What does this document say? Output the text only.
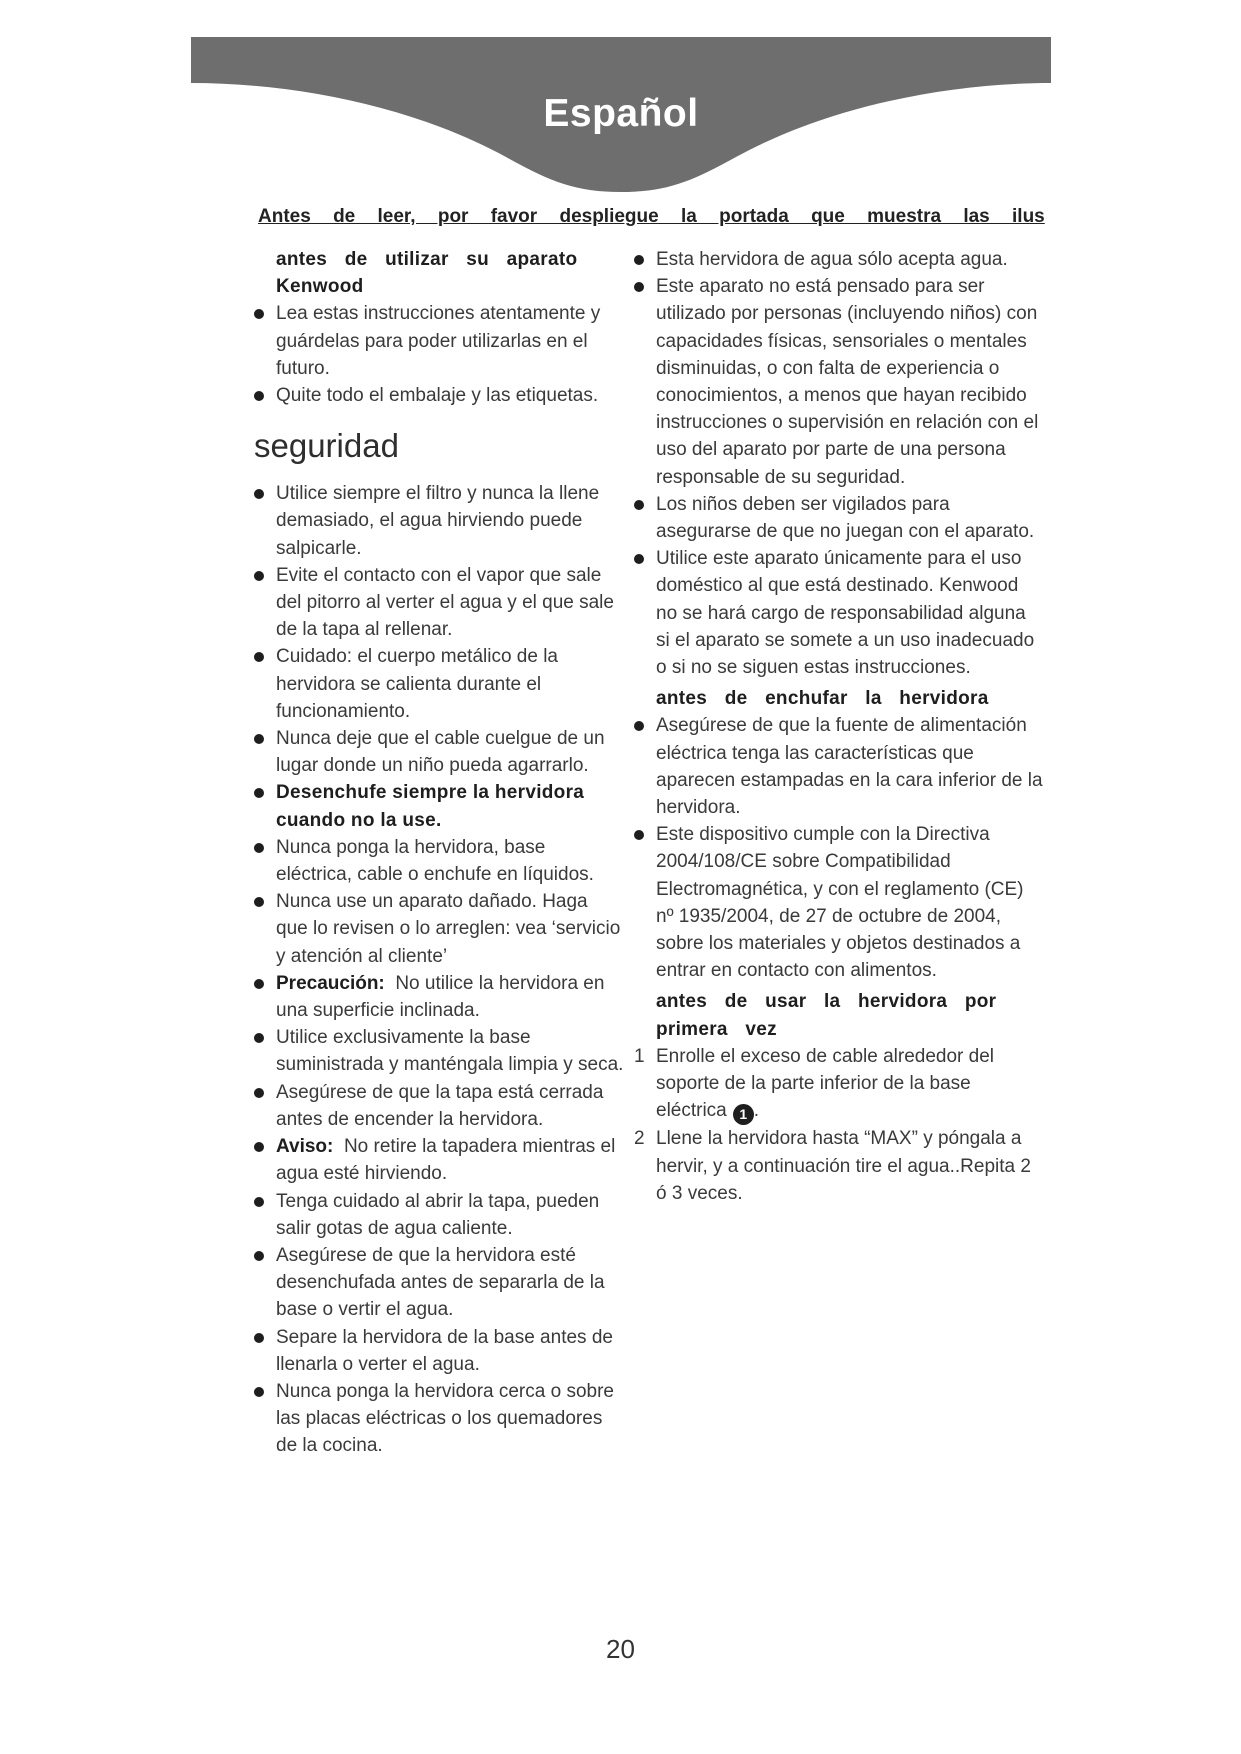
Español
Antes de leer, por favor despliegue la portada que muestra las ilus
antes de utilizar su aparato Kenwood
Lea estas instrucciones atentamente y guárdelas para poder utilizarlas en el futuro.
Quite todo el embalaje y las etiquetas.
seguridad
Utilice siempre el filtro y nunca la llene demasiado, el agua hirviendo puede salpicarle.
Evite el contacto con el vapor que sale del pitorro al verter el agua y el que sale de la tapa al rellenar.
Cuidado: el cuerpo metálico de la hervidora se calienta durante el funcionamiento.
Nunca deje que el cable cuelgue de un lugar donde un niño pueda agarrarlo.
Desenchufe siempre la hervidora cuando no la use.
Nunca ponga la hervidora, base eléctrica, cable o enchufe en líquidos.
Nunca use un aparato dañado. Haga que lo revisen o lo arreglen: vea ‘servicio y atención al cliente’
Precaución: No utilice la hervidora en una superficie inclinada.
Utilice exclusivamente la base suministrada y manténgala limpia y seca.
Asegúrese de que la tapa está cerrada antes de encender la hervidora.
Aviso: No retire la tapadera mientras el agua esté hirviendo.
Tenga cuidado al abrir la tapa, pueden salir gotas de agua caliente.
Asegúrese de que la hervidora esté desenchufada antes de separarla de la base o vertir el agua.
Separe la hervidora de la base antes de llenarla o verter el agua.
Nunca ponga la hervidora cerca o sobre las placas eléctricas o los quemadores de la cocina.
Esta hervidora de agua sólo acepta agua.
Este aparato no está pensado para ser utilizado por personas (incluyendo niños) con capacidades físicas, sensoriales o mentales disminuidas, o con falta de experiencia o conocimientos, a menos que hayan recibido instrucciones o supervisión en relación con el uso del aparato por parte de una persona responsable de su seguridad.
Los niños deben ser vigilados para asegurarse de que no juegan con el aparato.
Utilice este aparato únicamente para el uso doméstico al que está destinado. Kenwood no se hará cargo de responsabilidad alguna si el aparato se somete a un uso inadecuado o si no se siguen estas instrucciones.
antes de enchufar la hervidora
Asegúrese de que la fuente de alimentación eléctrica tenga las características que aparecen estampadas en la cara inferior de la hervidora.
Este dispositivo cumple con la Directiva 2004/108/CE sobre Compatibilidad Electromagnética, y con el reglamento (CE) nº 1935/2004, de 27 de octubre de 2004, sobre los materiales y objetos destinados a entrar en contacto con alimentos.
antes de usar la hervidora por primera vez
1 Enrolle el exceso de cable alrededor del soporte de la parte inferior de la base eléctrica 1 .
2 Llene la hervidora hasta “MAX” y póngala a hervir, y a continuación tire el agua..Repita 2 ó 3 veces.
20
